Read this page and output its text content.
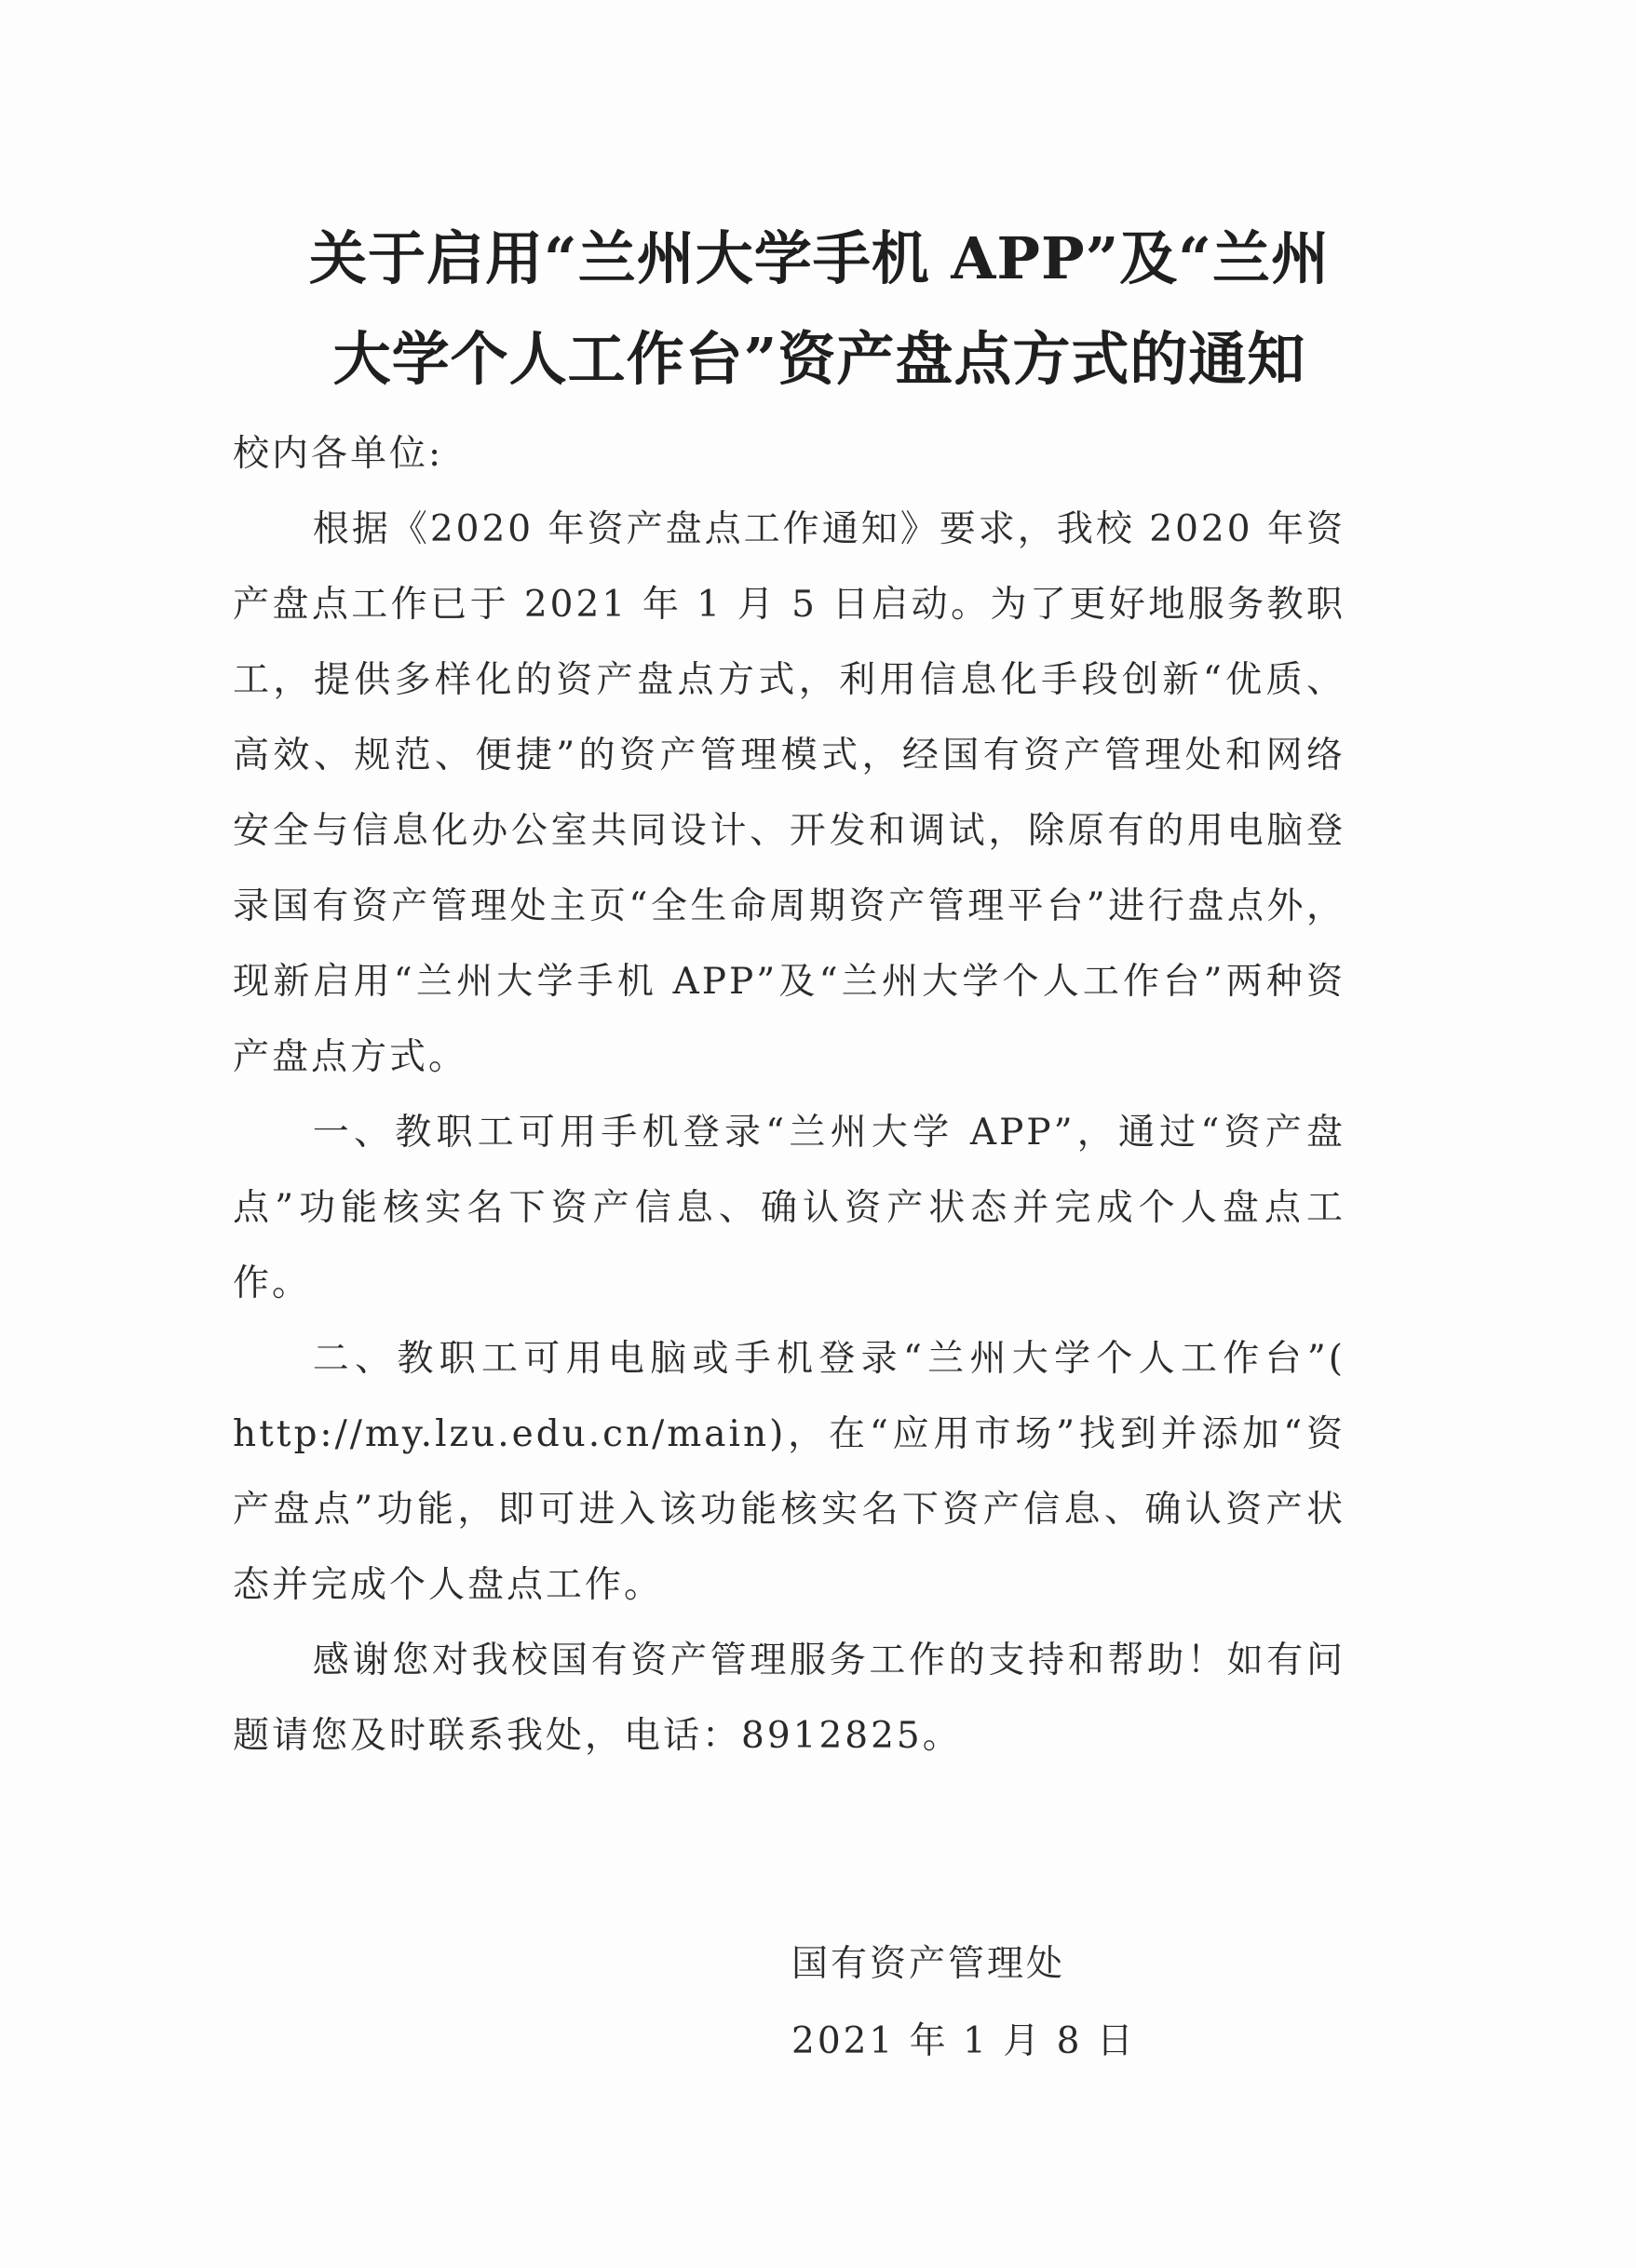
关于启用“兰州大学手机 APP”及“兰州
大学个人工作台”资产盘点方式的通知
校内各单位:

根据《2020 年资产盘点工作通知》要求，我校 2020 年资产盘点工作已于 2021 年 1 月 5 日启动。为了更好地服务教职工，提供多样化的资产盘点方式，利用信息化手段创新“优质、高效、规范、便捷”的资产管理模式，经国有资产管理处和网络安全与信息化办公室共同设计、开发和调试，除原有的用电脑登录国有资产管理处主页“全生命周期资产管理平台”进行盘点外，现新启用“兰州大学手机 APP”及“兰州大学个人工作台”两种资产盘点方式。

一、教职工可用手机登录“兰州大学 APP”，通过“资产盘点”功能核实名下资产信息、确认资产状态并完成个人盘点工作。

二、教职工可用电脑或手机登录“兰州大学个人工作台”( http://my.lzu.edu.cn/main)，在“应用市场”找到并添加“资产盘点”功能，即可进入该功能核实名下资产信息、确认资产状态并完成个人盘点工作。

感谢您对我校国有资产管理服务工作的支持和帮助！如有问题请您及时联系我处，电话：8912825。

国有资产管理处
2021 年 1 月 8 日
